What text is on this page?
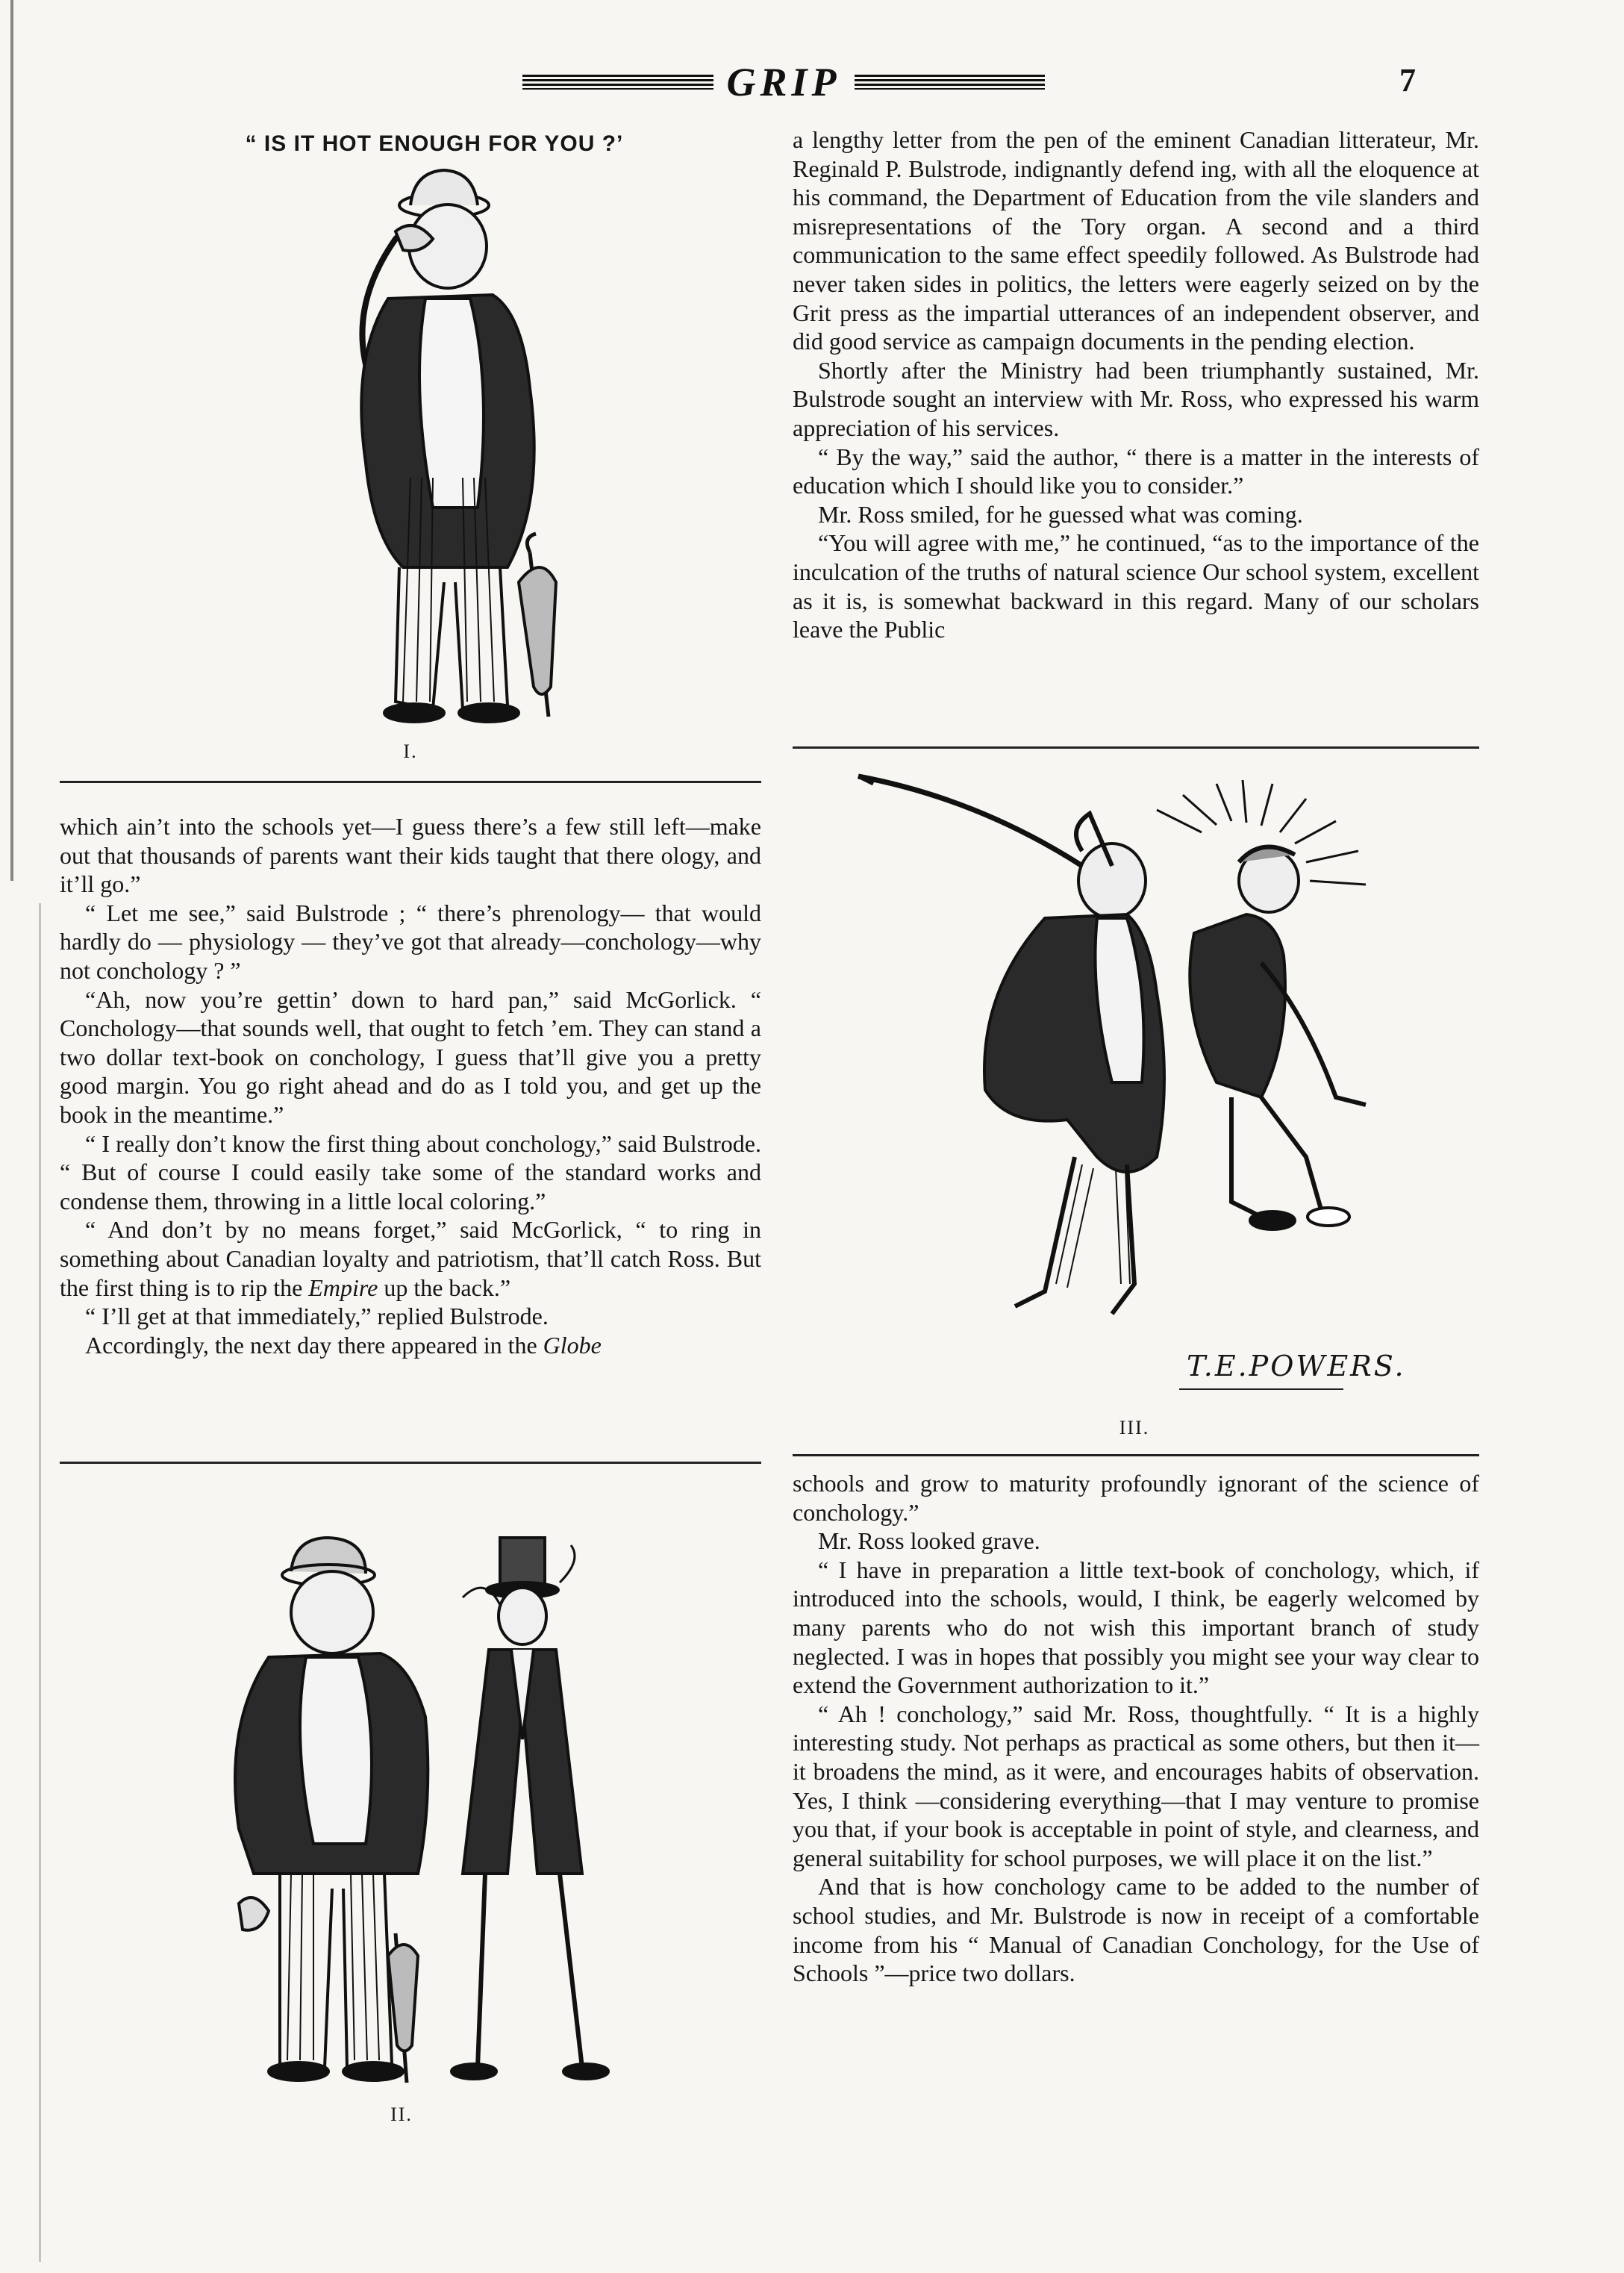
GRIP	7
“ IS IT HOT ENOUGH FOR YOU ?’
I.

a lengthy letter from the pen of the eminent Canadian litterateur, Mr. Reginald P. Bulstrode, indignantly defend ing, with all the eloquence at his command, the Department of Education from the vile slanders and misrepresentations of the Tory organ. A second and a third communication to the same effect speedily followed. As Bulstrode had never taken sides in politics, the letters were eagerly seized on by the Grit press as the impartial utterances of an independent observer, and did good service as campaign documents in the pending election.

Shortly after the Ministry had been triumphantly sustained, Mr. Bulstrode sought an interview with Mr. Ross, who expressed his warm appreciation of his services.

“ By the way,” said the author, “ there is a matter in the interests of education which I should like you to consider.”

Mr. Ross smiled, for he guessed what was coming.

“You will agree with me,” he continued, “as to the importance of the inculcation of the truths of natural science Our school system, excellent as it is, is somewhat backward in this regard. Many of our scholars leave the Public

which ain’t into the schools yet—I guess there’s a few still left—make out that thousands of parents want their kids taught that there ology, and it’ll go.”

“ Let me see,” said Bulstrode ; “ there’s phrenology— that would hardly do — physiology — they’ve got that already—conchology—why not conchology ? ”

“Ah, now you’re gettin’ down to hard pan,” said McGorlick. “ Conchology—that sounds well, that ought to fetch ’em. They can stand a two dollar text-book on conchology, I guess that’ll give you a pretty good margin. You go right ahead and do as I told you, and get up the book in the meantime.”

“ I really don’t know the first thing about conchology,” said Bulstrode. “ But of course I could easily take some of the standard works and condense them, throwing in a little local coloring.”

“ And don’t by no means forget,” said McGorlick, “ to ring in something about Canadian loyalty and patriotism, that’ll catch Ross. But the first thing is to rip the Empire up the back.”

“ I’ll get at that immediately,” replied Bulstrode.

Accordingly, the next day there appeared in the Globe

T.E.POWERS.
III.
II.

schools and grow to maturity profoundly ignorant of the science of conchology.”

Mr. Ross looked grave.

“ I have in preparation a little text-book of conchology, which, if introduced into the schools, would, I think, be eagerly welcomed by many parents who do not wish this important branch of study neglected. I was in hopes that possibly you might see your way clear to extend the Government authorization to it.”

“ Ah ! conchology,” said Mr. Ross, thoughtfully. “ It is a highly interesting study. Not perhaps as practical as some others, but then it—it broadens the mind, as it were, and encourages habits of observation. Yes, I think —considering everything—that I may venture to promise you that, if your book is acceptable in point of style, and clearness, and general suitability for school purposes, we will place it on the list.”

And that is how conchology came to be added to the number of school studies, and Mr. Bulstrode is now in receipt of a comfortable income from his “ Manual of Canadian Conchology, for the Use of Schools ”—price two dollars.
